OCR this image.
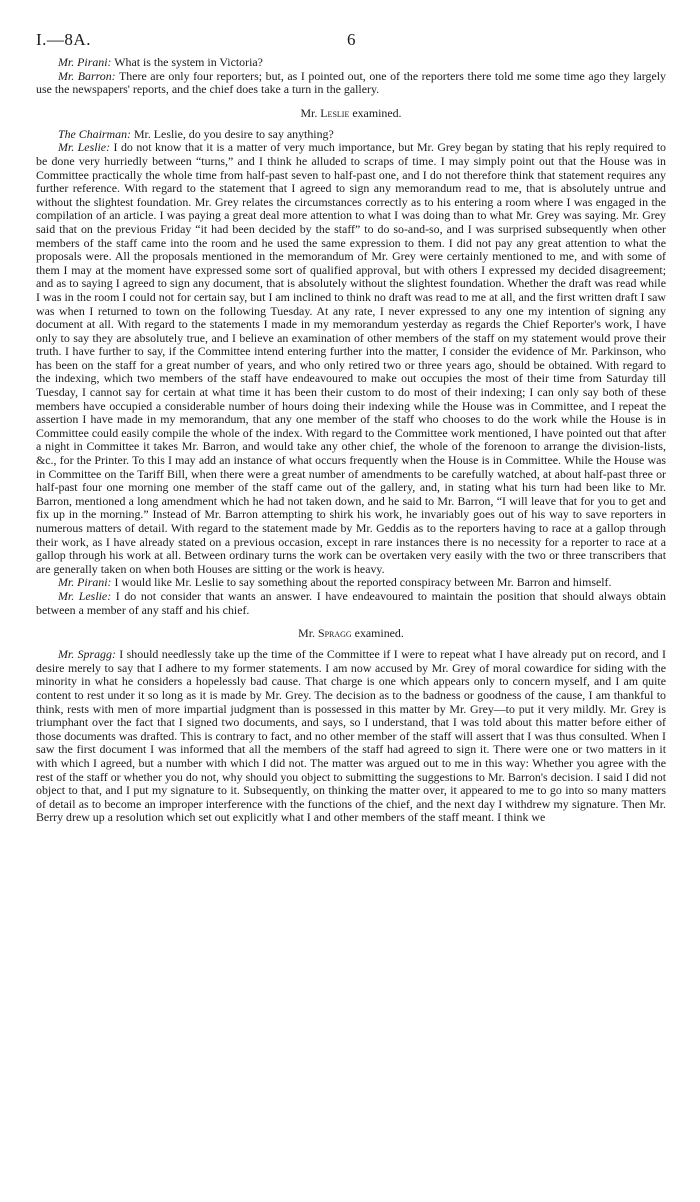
I.—8A.	6

Mr. Pirani: What is the system in Victoria?

Mr. Barron: There are only four reporters; but, as I pointed out, one of the reporters there told me some time ago they largely use the newspapers' reports, and the chief does take a turn in the gallery.

Mr. Leslie examined.

The Chairman: Mr. Leslie, do you desire to say anything?

Mr. Leslie: I do not know that it is a matter of very much importance, but Mr. Grey began by stating that his reply required to be done very hurriedly between “turns,” and I think he alluded to scraps of time. I may simply point out that the House was in Committee practically the whole time from half-past seven to half-past one, and I do not therefore think that statement requires any further reference. With regard to the statement that I agreed to sign any memorandum read to me, that is absolutely untrue and without the slightest foundation. Mr. Grey relates the circumstances correctly as to his entering a room where I was engaged in the compilation of an article. I was paying a great deal more attention to what I was doing than to what Mr. Grey was saying. Mr. Grey said that on the previous Friday “it had been decided by the staff” to do so-and-so, and I was surprised subsequently when other members of the staff came into the room and he used the same expression to them. I did not pay any great attention to what the proposals were. All the proposals mentioned in the memorandum of Mr. Grey were certainly mentioned to me, and with some of them I may at the moment have expressed some sort of qualified approval, but with others I expressed my decided disagreement; and as to saying I agreed to sign any document, that is absolutely without the slightest foundation. Whether the draft was read while I was in the room I could not for certain say, but I am inclined to think no draft was read to me at all, and the first written draft I saw was when I returned to town on the following Tuesday. At any rate, I never expressed to any one my intention of signing any document at all. With regard to the statements I made in my memorandum yesterday as regards the Chief Reporter's work, I have only to say they are absolutely true, and I believe an examination of other members of the staff on my statement would prove their truth. I have further to say, if the Committee intend entering further into the matter, I consider the evidence of Mr. Parkinson, who has been on the staff for a great number of years, and who only retired two or three years ago, should be obtained. With regard to the indexing, which two members of the staff have endeavoured to make out occupies the most of their time from Saturday till Tuesday, I cannot say for certain at what time it has been their custom to do most of their indexing; I can only say both of these members have occupied a considerable number of hours doing their indexing while the House was in Committee, and I repeat the assertion I have made in my memorandum, that any one member of the staff who chooses to do the work while the House is in Committee could easily compile the whole of the index. With regard to the Committee work mentioned, I have pointed out that after a night in Committee it takes Mr. Barron, and would take any other chief, the whole of the forenoon to arrange the division-lists, &c., for the Printer. To this I may add an instance of what occurs frequently when the House is in Committee. While the House was in Committee on the Tariff Bill, when there were a great number of amendments to be carefully watched, at about half-past three or half-past four one morning one member of the staff came out of the gallery, and, in stating what his turn had been like to Mr. Barron, mentioned a long amendment which he had not taken down, and he said to Mr. Barron, “I will leave that for you to get and fix up in the morning.” Instead of Mr. Barron attempting to shirk his work, he invariably goes out of his way to save reporters in numerous matters of detail. With regard to the statement made by Mr. Geddis as to the reporters having to race at a gallop through their work, as I have already stated on a previous occasion, except in rare instances there is no necessity for a reporter to race at a gallop through his work at all. Between ordinary turns the work can be overtaken very easily with the two or three transcribers that are generally taken on when both Houses are sitting or the work is heavy.

Mr. Pirani: I would like Mr. Leslie to say something about the reported conspiracy between Mr. Barron and himself.

Mr. Leslie: I do not consider that wants an answer. I have endeavoured to maintain the position that should always obtain between a member of any staff and his chief.

Mr. Spragg examined.

Mr. Spragg: I should needlessly take up the time of the Committee if I were to repeat what I have already put on record, and I desire merely to say that I adhere to my former statements. I am now accused by Mr. Grey of moral cowardice for siding with the minority in what he considers a hopelessly bad cause. That charge is one which appears only to concern myself, and I am quite content to rest under it so long as it is made by Mr. Grey. The decision as to the badness or goodness of the cause, I am thankful to think, rests with men of more impartial judgment than is possessed in this matter by Mr. Grey—to put it very mildly. Mr. Grey is triumphant over the fact that I signed two documents, and says, so I understand, that I was told about this matter before either of those documents was drafted. This is contrary to fact, and no other member of the staff will assert that I was thus consulted. When I saw the first document I was informed that all the members of the staff had agreed to sign it. There were one or two matters in it with which I agreed, but a number with which I did not. The matter was argued out to me in this way: Whether you agree with the rest of the staff or whether you do not, why should you object to submitting the suggestions to Mr. Barron's decision. I said I did not object to that, and I put my signature to it. Subsequently, on thinking the matter over, it appeared to me to go into so many matters of detail as to become an improper interference with the functions of the chief, and the next day I withdrew my signature. Then Mr. Berry drew up a resolution which set out explicitly what I and other members of the staff meant. I think we
